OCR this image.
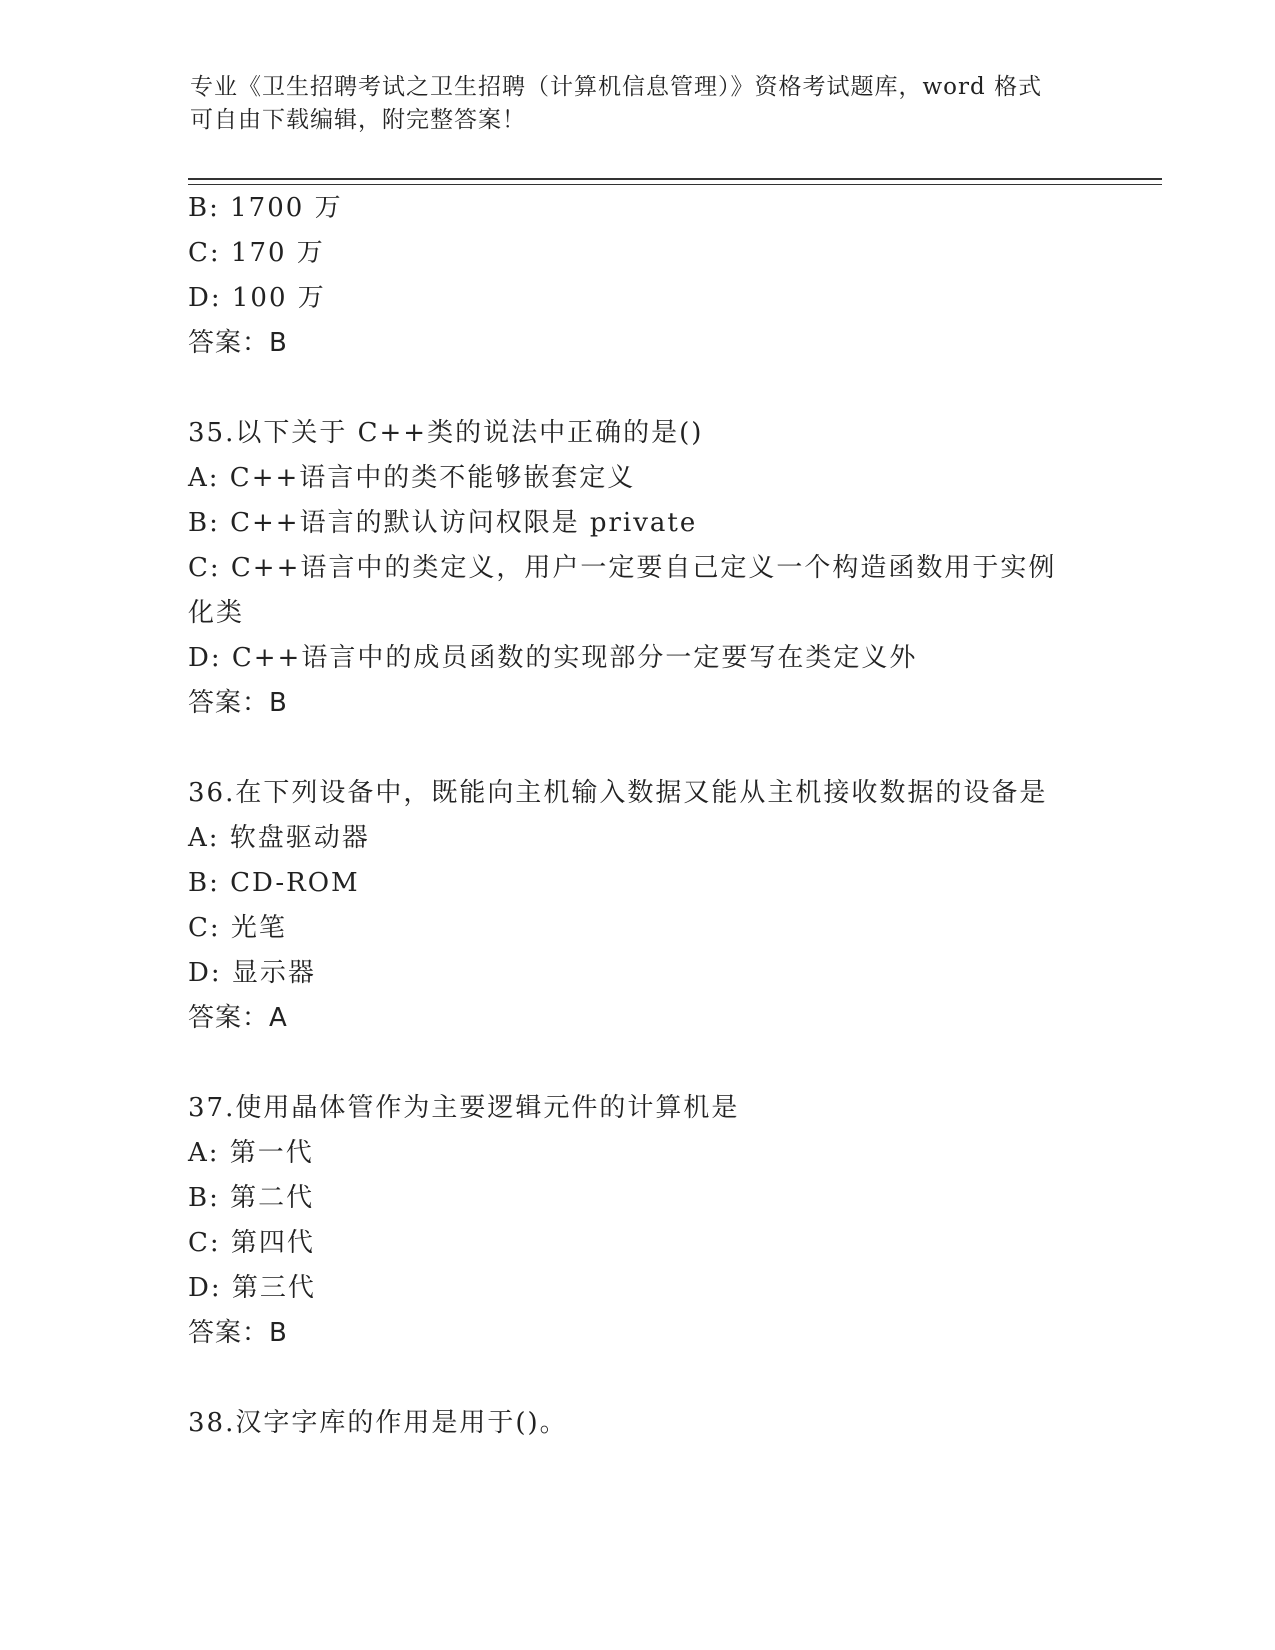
专业《卫生招聘考试之卫生招聘（计算机信息管理）》资格考试题库，word 格式
可自由下载编辑，附完整答案！
B: 1700 万
C: 170 万
D: 100 万
答案：B
35.以下关于 C++类的说法中正确的是()
A: C++语言中的类不能够嵌套定义
B: C++语言的默认访问权限是 private
C: C++语言中的类定义，用户一定要自己定义一个构造函数用于实例
化类
D: C++语言中的成员函数的实现部分一定要写在类定义外
答案：B
36.在下列设备中，既能向主机输入数据又能从主机接收数据的设备是
A: 软盘驱动器
B: CD-ROM
C: 光笔
D: 显示器
答案：A
37.使用晶体管作为主要逻辑元件的计算机是
A: 第一代
B: 第二代
C: 第四代
D: 第三代
答案：B
38.汉字字库的作用是用于()。
